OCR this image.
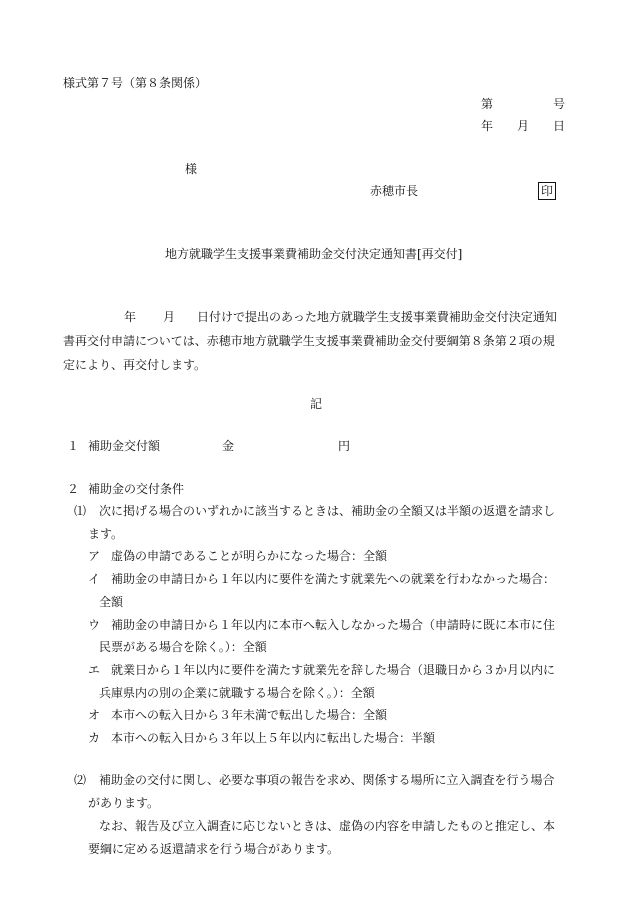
様式第７号（第８条関係）
第	号
年 月 日
様
赤穂市長	印
地方就職学生支援事業費補助金交付決定通知書[再交付]
年 月 日付けで提出のあった地方就職学生支援事業費補助金交付決定通知
書再交付申請については、赤穂市地方就職学生支援事業費補助金交付要綱第８条第２項の規
定により、再交付します。
記
１ 補助金交付額	金	円
２ 補助金の交付条件
⑴ 次に掲げる場合のいずれかに該当するときは、補助金の全額又は半額の返還を請求し
ます。
ア 虚偽の申請であることが明らかになった場合：全額
イ 補助金の申請日から１年以内に要件を満たす就業先への就業を行わなかった場合：
全額
ウ 補助金の申請日から１年以内に本市へ転入しなかった場合（申請時に既に本市に住
民票がある場合を除く。）：全額
エ 就業日から１年以内に要件を満たす就業先を辞した場合（退職日から３か月以内に
兵庫県内の別の企業に就職する場合を除く。）：全額
オ 本市への転入日から３年未満で転出した場合：全額
カ 本市への転入日から３年以上５年以内に転出した場合：半額
⑵ 補助金の交付に関し、必要な事項の報告を求め、関係する場所に立入調査を行う場合
があります。
なお、報告及び立入調査に応じないときは、虚偽の内容を申請したものと推定し、本
要綱に定める返還請求を行う場合があります。
